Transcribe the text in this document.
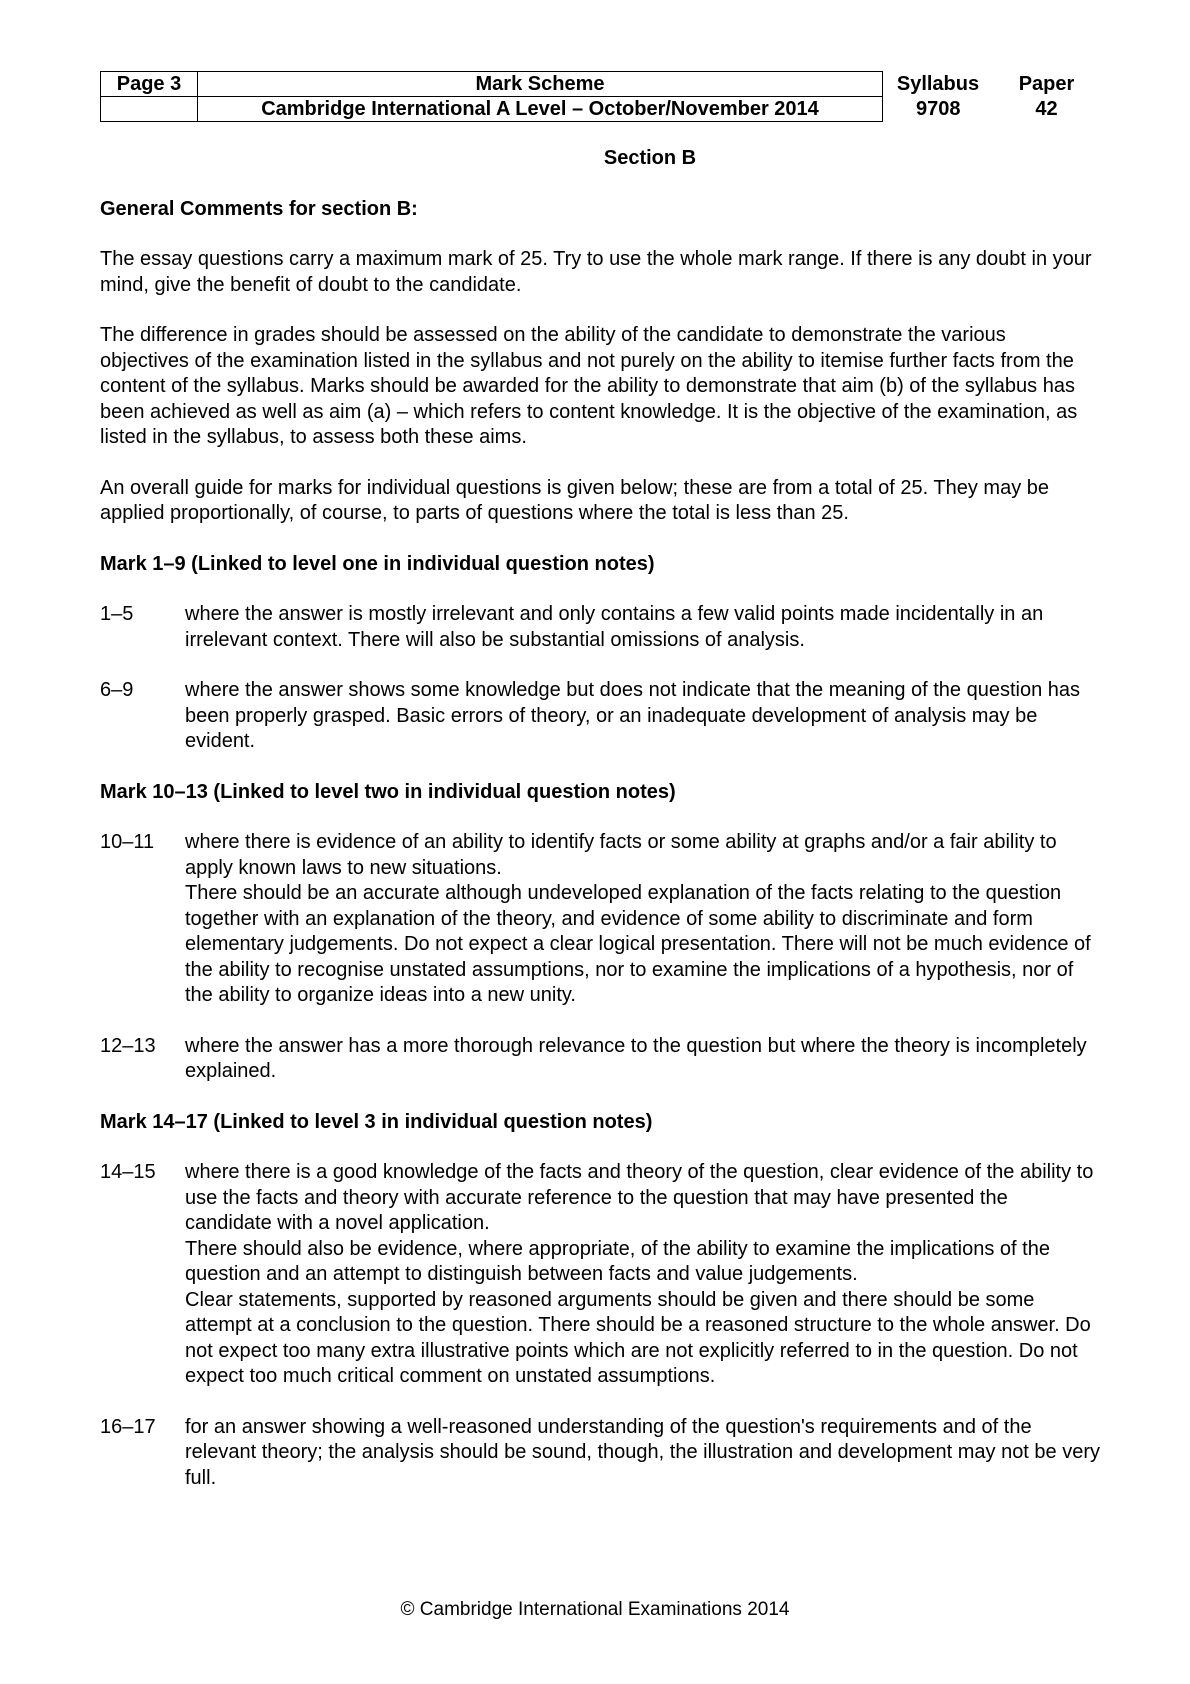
Page 3	Mark Scheme	Syllabus	Paper
	Cambridge International A Level – October/November 2014	9708	42

Section B

General Comments for section B:

The essay questions carry a maximum mark of 25. Try to use the whole mark range. If there is any doubt in your mind, give the benefit of doubt to the candidate.

The difference in grades should be assessed on the ability of the candidate to demonstrate the various objectives of the examination listed in the syllabus and not purely on the ability to itemise further facts from the content of the syllabus. Marks should be awarded for the ability to demonstrate that aim (b) of the syllabus has been achieved as well as aim (a) – which refers to content knowledge. It is the objective of the examination, as listed in the syllabus, to assess both these aims.

An overall guide for marks for individual questions is given below; these are from a total of 25. They may be applied proportionally, of course, to parts of questions where the total is less than 25.

Mark 1–9 (Linked to level one in individual question notes)

1–5	where the answer is mostly irrelevant and only contains a few valid points made incidentally in an irrelevant context. There will also be substantial omissions of analysis.

6–9	where the answer shows some knowledge but does not indicate that the meaning of the question has been properly grasped. Basic errors of theory, or an inadequate development of analysis may be evident.

Mark 10–13 (Linked to level two in individual question notes)

10–11	where there is evidence of an ability to identify facts or some ability at graphs and/or a fair ability to apply known laws to new situations.

There should be an accurate although undeveloped explanation of the facts relating to the question together with an explanation of the theory, and evidence of some ability to discriminate and form elementary judgements. Do not expect a clear logical presentation. There will not be much evidence of the ability to recognise unstated assumptions, nor to examine the implications of a hypothesis, nor of the ability to organize ideas into a new unity.

12–13	where the answer has a more thorough relevance to the question but where the theory is incompletely explained.

Mark 14–17 (Linked to level 3 in individual question notes)

14–15	where there is a good knowledge of the facts and theory of the question, clear evidence of the ability to use the facts and theory with accurate reference to the question that may have presented the candidate with a novel application.

There should also be evidence, where appropriate, of the ability to examine the implications of the question and an attempt to distinguish between facts and value judgements.

Clear statements, supported by reasoned arguments should be given and there should be some attempt at a conclusion to the question. There should be a reasoned structure to the whole answer. Do not expect too many extra illustrative points which are not explicitly referred to in the question. Do not expect too much critical comment on unstated assumptions.

16–17	for an answer showing a well-reasoned understanding of the question's requirements and of the relevant theory; the analysis should be sound, though, the illustration and development may not be very full.

© Cambridge International Examinations 2014
